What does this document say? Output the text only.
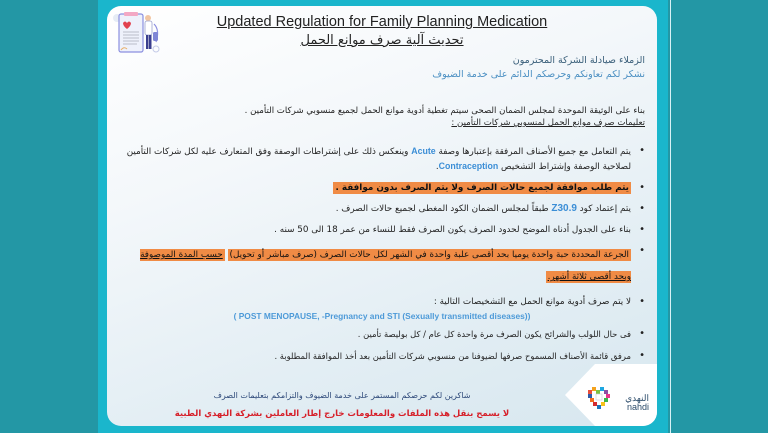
Updated Regulation for Family Planning Medication
تحديث آلية صرف موانع الحمل
الزملاء صيادلة الشركة المحترمون
نشكر لكم تعاونكم وحرصكم الدائم على خدمة الضيوف
بناء على الوثيقة الموحدة لمجلس الضمان الصحى سيتم تغطية أدوية موانع الحمل لجميع منسوبي شركات التأمين .
تعليمات صرف موانع الحمل لمنسوبي شركات التأمين :
• يتم التعامل مع جميع الأصناف المرفقة بإعتبارها وصفة Acute وينعكس ذلك على إشتراطات الوصفة وفق المتعارف عليه لكل شركات التأمين لصلاحية الوصفة وإشتراط التشخيص Contraception.
• يتم طلب موافقة لجميع حالات الصرف ولا يتم الصرف بدون موافقة .
• يتم إعتماد كود Z30.9 طبقاً لمجلس الضمان الكود المغطى لجميع حالات الصرف .
• بناء على الجدول أدناه الموضح لحدود الصرف يكون الصرف فقط للنساء من عمر 18 الى 50 سنه .
• الجرعة المحددة حبة واحدة يوميا بحد أقصى علبة واحدة في الشهر لكل حالات الصرف (صرف مباشر أو تحويل) حسب المدة الموصوفة وبحد أقصى ثلاثة أشهر.
• لا يتم صرف أدوية موانع الحمل مع التشخيصات التالية :
( POST MENOPAUSE, -Pregnancy and STI (Sexually transmitted diseases))
• فى حال اللولب والشرائح يكون الصرف مرة واحدة كل عام / كل بوليصة تأمين .
• مرفق قائمة الأصناف المسموح صرفها لضيوفنا من منسوبي شركات التأمين بعد أخذ الموافقة المطلوبة .
شاكرين لكم حرصكم المستمر على خدمة الضيوف والتزامكم بتعليمات الصرف
لا يسمح بنقل هذه الملفات والمعلومات خارج إطار العاملين بشركة النهدي الطبية
النهدي
nahdi
